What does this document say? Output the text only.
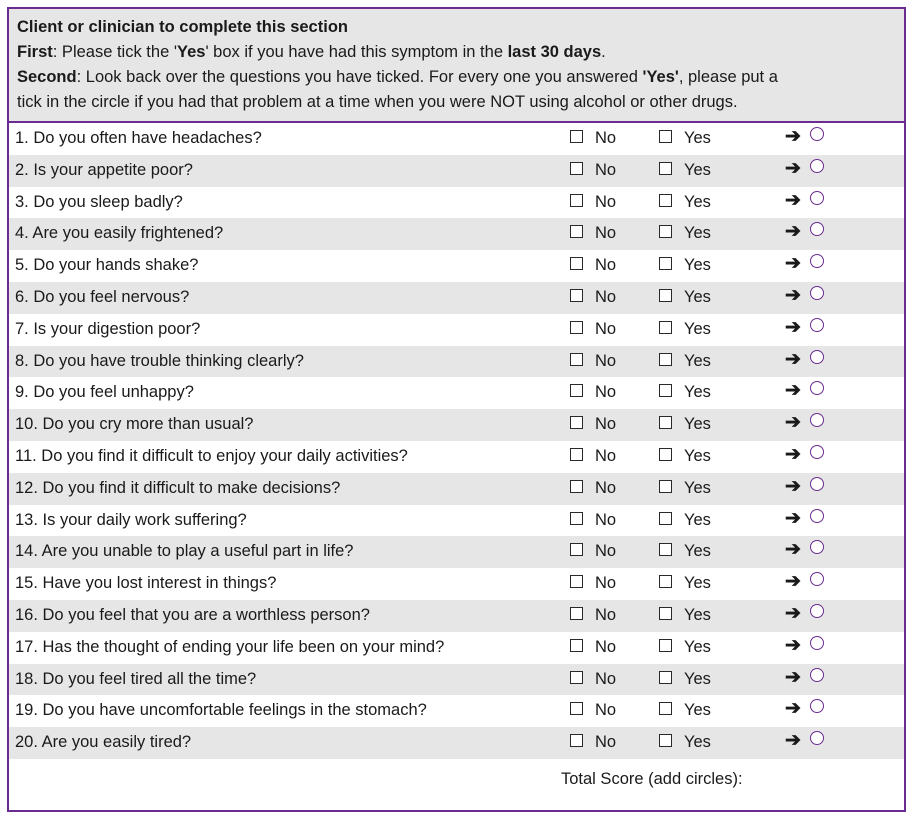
Client or clinician to complete this section
First: Please tick the 'Yes' box if you have had this symptom in the last 30 days.
Second: Look back over the questions you have ticked. For every one you answered 'Yes', please put a
tick in the circle if you had that problem at a time when you were NOT using alcohol or other drugs.
1. Do you often have headaches?	No	Yes	➔
2. Is your appetite poor?	No	Yes	➔
3. Do you sleep badly?	No	Yes	➔
4. Are you easily frightened?	No	Yes	➔
5. Do your hands shake?	No	Yes	➔
6. Do you feel nervous?	No	Yes	➔
7. Is your digestion poor?	No	Yes	➔
8. Do you have trouble thinking clearly?	No	Yes	➔
9. Do you feel unhappy?	No	Yes	➔
10. Do you cry more than usual?	No	Yes	➔
11. Do you find it difficult to enjoy your daily activities?	No	Yes	➔
12. Do you find it difficult to make decisions?	No	Yes	➔
13. Is your daily work suffering?	No	Yes	➔
14. Are you unable to play a useful part in life?	No	Yes	➔
15. Have you lost interest in things?	No	Yes	➔
16. Do you feel that you are a worthless person?	No	Yes	➔
17. Has the thought of ending your life been on your mind?	No	Yes	➔
18. Do you feel tired all the time?	No	Yes	➔
19. Do you have uncomfortable feelings in the stomach?	No	Yes	➔
20. Are you easily tired?	No	Yes	➔
Total Score (add circles):
